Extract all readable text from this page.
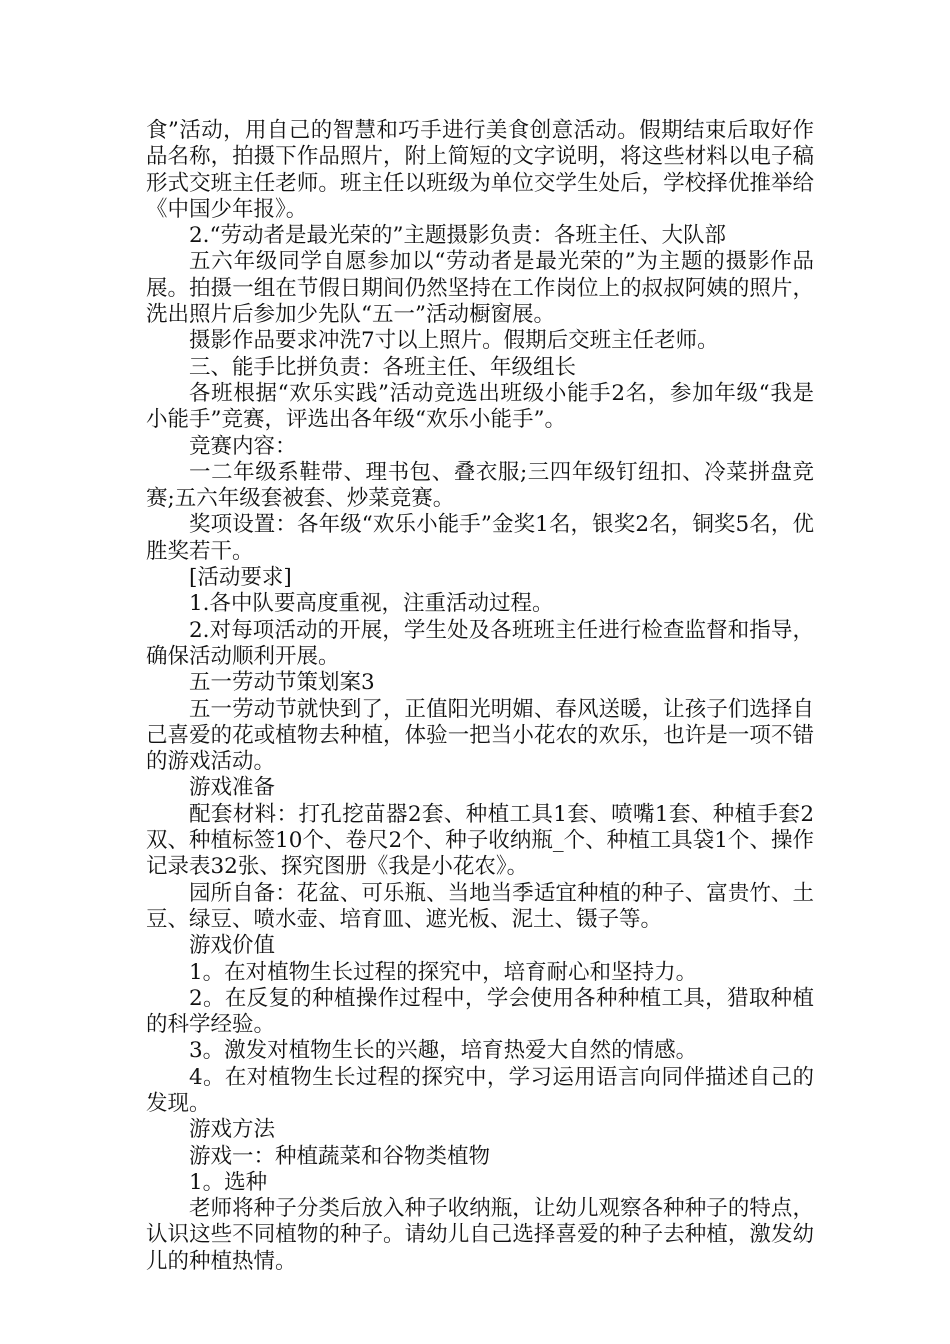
食”活动，用自己的智慧和巧手进行美食创意活动。假期结束后取好作品名称，拍摄下作品照片，附上简短的文字说明，将这些材料以电子稿形式交班主任老师。班主任以班级为单位交学生处后，学校择优推举给《中国少年报》。

2.“劳动者是最光荣的”主题摄影负责：各班主任、大队部

五六年级同学自愿参加以“劳动者是最光荣的”为主题的摄影作品展。拍摄一组在节假日期间仍然坚持在工作岗位上的叔叔阿姨的照片，洗出照片后参加少先队“五一”活动橱窗展。

摄影作品要求冲洗7寸以上照片。假期后交班主任老师。

三、能手比拼负责：各班主任、年级组长

各班根据“欢乐实践”活动竞选出班级小能手2名，参加年级“我是小能手”竞赛，评选出各年级“欢乐小能手”。

竞赛内容：

一二年级系鞋带、理书包、叠衣服;三四年级钉纽扣、冷菜拼盘竞赛;五六年级套被套、炒菜竞赛。

奖项设置：各年级“欢乐小能手”金奖1名，银奖2名，铜奖5名，优胜奖若干。

[活动要求]

1.各中队要高度重视，注重活动过程。

2.对每项活动的开展，学生处及各班班主任进行检查监督和指导，确保活动顺利开展。

五一劳动节策划案3

五一劳动节就快到了，正值阳光明媚、春风送暖，让孩子们选择自己喜爱的花或植物去种植，体验一把当小花农的欢乐，也许是一项不错的游戏活动。

游戏准备

配套材料：打孔挖苗器2套、种植工具1套、喷嘴1套、种植手套2双、种植标签10个、卷尺2个、种子收纳瓶_个、种植工具袋1个、操作记录表32张、探究图册《我是小花农》。

园所自备：花盆、可乐瓶、当地当季适宜种植的种子、富贵竹、土豆、绿豆、喷水壶、培育皿、遮光板、泥土、镊子等。

游戏价值

1。在对植物生长过程的探究中，培育耐心和坚持力。

2。在反复的种植操作过程中，学会使用各种种植工具，猎取种植的科学经验。

3。激发对植物生长的兴趣，培育热爱大自然的情感。

4。在对植物生长过程的探究中，学习运用语言向同伴描述自己的发现。

游戏方法

游戏一：种植蔬菜和谷物类植物

1。选种

老师将种子分类后放入种子收纳瓶，让幼儿观察各种种子的特点，认识这些不同植物的种子。请幼儿自己选择喜爱的种子去种植，激发幼儿的种植热情。
